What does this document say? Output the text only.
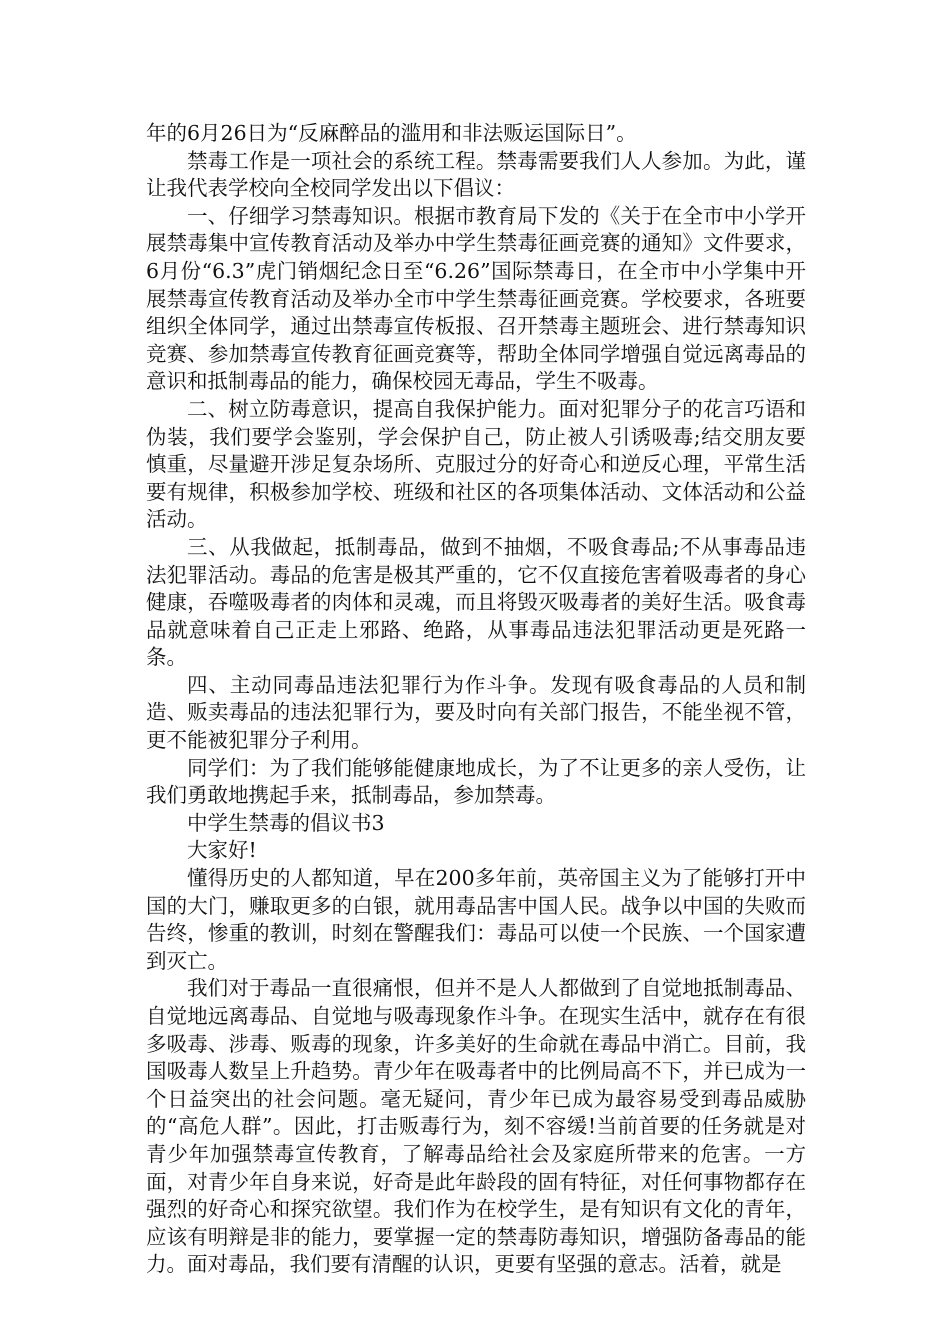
年的6月26日为“反麻醉品的滥用和非法贩运国际日”。

禁毒工作是一项社会的系统工程。禁毒需要我们人人参加。为此，谨让我代表学校向全校同学发出以下倡议：

一、仔细学习禁毒知识。根据市教育局下发的《关于在全市中小学开展禁毒集中宣传教育活动及举办中学生禁毒征画竞赛的通知》文件要求，6月份“6.3”虎门销烟纪念日至“6.26”国际禁毒日，在全市中小学集中开展禁毒宣传教育活动及举办全市中学生禁毒征画竞赛。学校要求，各班要组织全体同学，通过出禁毒宣传板报、召开禁毒主题班会、进行禁毒知识竞赛、参加禁毒宣传教育征画竞赛等，帮助全体同学增强自觉远离毒品的意识和抵制毒品的能力，确保校园无毒品，学生不吸毒。

二、树立防毒意识，提高自我保护能力。面对犯罪分子的花言巧语和伪装，我们要学会鉴别，学会保护自己，防止被人引诱吸毒;结交朋友要慎重，尽量避开涉足复杂场所、克服过分的好奇心和逆反心理，平常生活要有规律，积极参加学校、班级和社区的各项集体活动、文体活动和公益活动。

三、从我做起，抵制毒品，做到不抽烟，不吸食毒品;不从事毒品违法犯罪活动。毒品的危害是极其严重的，它不仅直接危害着吸毒者的身心健康，吞噬吸毒者的肉体和灵魂，而且将毁灭吸毒者的美好生活。吸食毒品就意味着自己正走上邪路、绝路，从事毒品违法犯罪活动更是死路一条。

四、主动同毒品违法犯罪行为作斗争。发现有吸食毒品的人员和制造、贩卖毒品的违法犯罪行为，要及时向有关部门报告，不能坐视不管，更不能被犯罪分子利用。

同学们：为了我们能够能健康地成长，为了不让更多的亲人受伤，让我们勇敢地携起手来，抵制毒品，参加禁毒。

中学生禁毒的倡议书3

大家好!

懂得历史的人都知道，早在200多年前，英帝国主义为了能够打开中国的大门，赚取更多的白银，就用毒品害中国人民。战争以中国的失败而告终，惨重的教训，时刻在警醒我们：毒品可以使一个民族、一个国家遭到灭亡。

我们对于毒品一直很痛恨，但并不是人人都做到了自觉地抵制毒品、自觉地远离毒品、自觉地与吸毒现象作斗争。在现实生活中，就存在有很多吸毒、涉毒、贩毒的现象，许多美好的生命就在毒品中消亡。目前，我国吸毒人数呈上升趋势。青少年在吸毒者中的比例局高不下，并已成为一个日益突出的社会问题。毫无疑问，青少年已成为最容易受到毒品威胁的“高危人群”。因此，打击贩毒行为，刻不容缓!当前首要的任务就是对青少年加强禁毒宣传教育，了解毒品给社会及家庭所带来的危害。一方面，对青少年自身来说，好奇是此年龄段的固有特征，对任何事物都存在强烈的好奇心和探究欲望。我们作为在校学生，是有知识有文化的青年，应该有明辩是非的能力，要掌握一定的禁毒防毒知识，增强防备毒品的能力。面对毒品，我们要有清醒的认识，更要有坚强的意志。活着，就是
